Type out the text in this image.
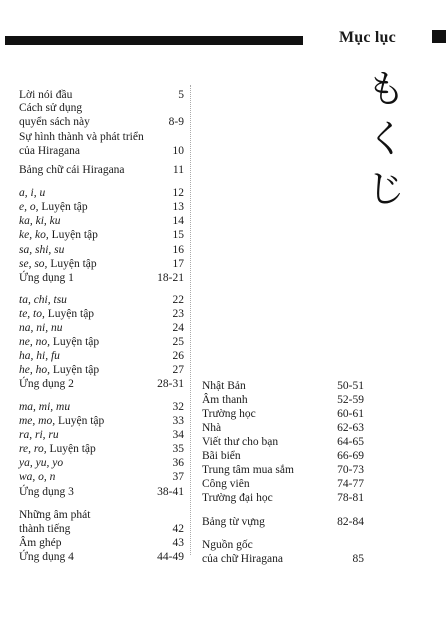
Mục lục
も
く
じ
Lời nói đầu	5
Cách sử dụng
quyển sách này	8-9
Sự hình thành và phát triển
của Hiragana	10
Bảng chữ cái Hiragana	11
a, i, u	12
e, o, Luyện tập	13
ka, ki, ku	14
ke, ko, Luyện tập	15
sa, shi, su	16
se, so, Luyện tập	17
Ứng dụng 1	18-21
ta, chi, tsu	22
te, to, Luyện tập	23
na, ni, nu	24
ne, no, Luyện tập	25
ha, hi, fu	26
he, ho, Luyện tập	27
Ứng dụng 2	28-31
ma, mi, mu	32
me, mo, Luyện tập	33
ra, ri, ru	34
re, ro, Luyện tập	35
ya, yu, yo	36
wa, o, n	37
Ứng dụng 3	38-41
Những âm phát
thành tiếng	42
Âm ghép	43
Ứng dụng 4	44-49
Nhật Bản	50-51
Âm thanh	52-59
Trường học	60-61
Nhà	62-63
Viết thư cho bạn	64-65
Bãi biển	66-69
Trung tâm mua sắm	70-73
Công viên	74-77
Trường đại học	78-81
Bảng từ vựng	82-84
Nguồn gốc
của chữ Hiragana	85
